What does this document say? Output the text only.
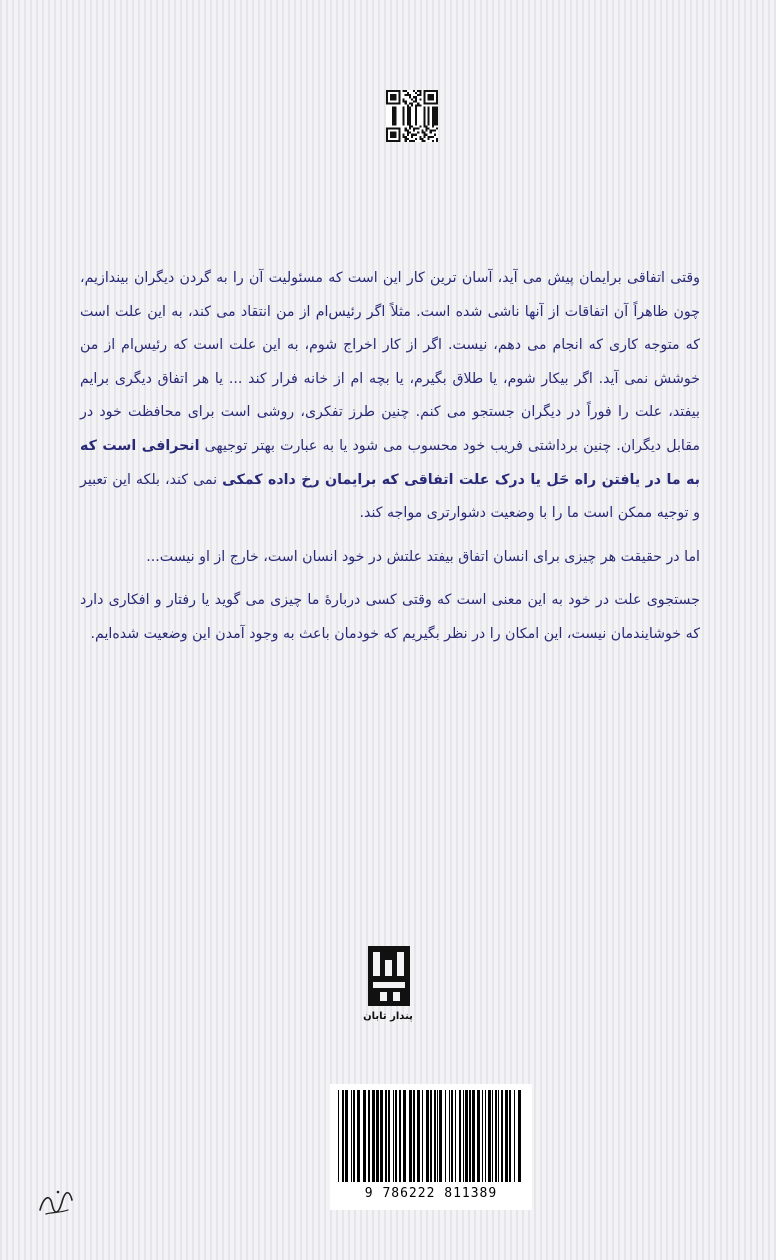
وقتی اتفاقی برایمان پیش می آید، آسان ترین کار این است که مسئولیت آن را به گردن دیگران بیندازیم، چون ظاهراً آن اتفاقات از آنها ناشی شده است. مثلاً اگر رئیس‌ام از من انتقاد می کند، به این علت است که متوجه کاری که انجام می دهم، نیست. اگر از کار اخراج شوم، به این علت است که رئیس‌ام از من خوشش نمی آید. اگر بیکار شوم، یا طلاق بگیرم، یا بچه ام از خانه فرار کند ... یا هر اتفاق دیگری برایم بیفتد، علت را فوراً در دیگران جستجو می کنم. چنین طرز تفکری، روشی است برای محافظت خود در مقابل دیگران. چنین برداشتی فریب خود محسوب می شود یا به عبارت بهتر توجیهی انحرافی است که به ما در یافتن راه حَل یا درک علت اتفاقی که برایمان رخ داده کمکی نمی کند، بلکه این تعبیر و توجیه ممکن است ما را با وضعیت دشوارتری مواجه کند.

اما در حقیقت هر چیزی برای انسان اتفاق بیفتد علتش در خود انسان است، خارج از او نیست...

جستجوی علت در خود به این معنی است که وقتی کسی دربارهٔ ما چیزی می گوید یا رفتار و افکاری دارد که خوشایندمان نیست، این امکان را در نظر بگیریم که خودمان باعث به وجود آمدن این وضعیت شده‌ایم.

پندار تابان
9 786222 811389
